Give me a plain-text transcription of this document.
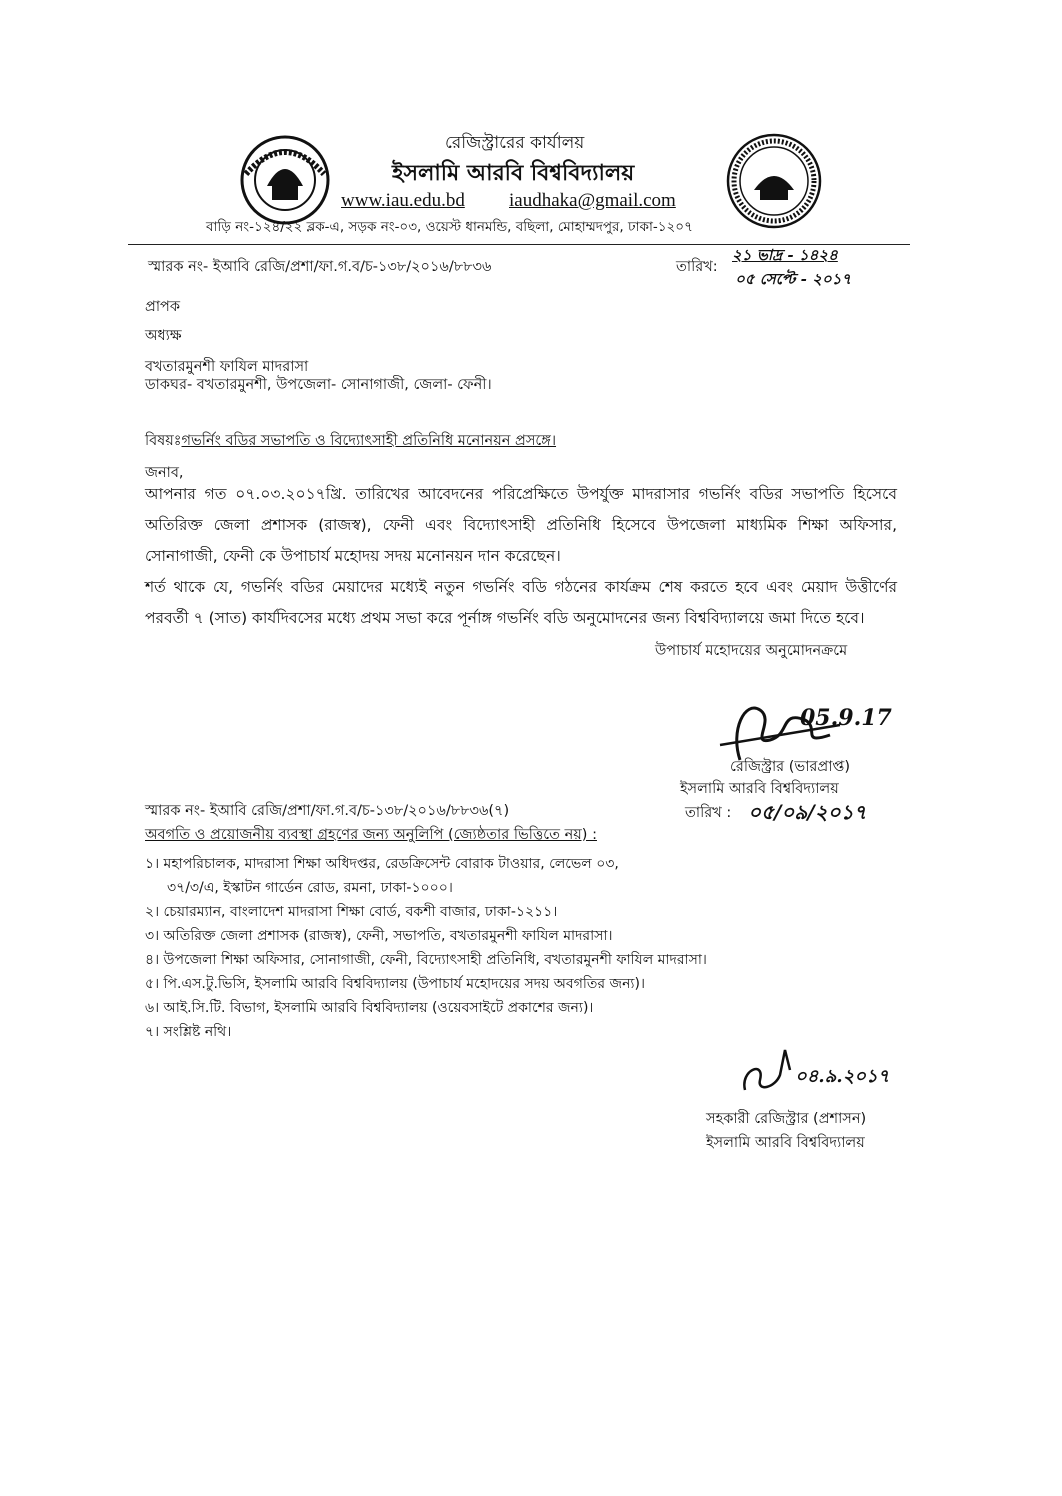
রেজিস্ট্রারের কার্যালয়
ইসলামি আরবি বিশ্ববিদ্যালয়
www.iau.edu.bd iaudhaka@gmail.com
বাড়ি নং-১২৪/২২ ব্লক-এ, সড়ক নং-০৩, ওয়েস্ট ধানমন্ডি, বছিলা, মোহাম্মদপুর, ঢাকা-১২০৭
স্মারক নং- ইআবি রেজি/প্রশা/ফা.গ.ব/চ-১৩৮/২০১৬/৮৮৩৬	তারিখ:
২১ ভাদ্র - ১৪২৪
০৫ সেপ্টে - ২০১৭
প্রাপক
অধ্যক্ষ
বখতারমুনশী ফাযিল মাদরাসা
ডাকঘর- বখতারমুনশী, উপজেলা- সোনাগাজী, জেলা- ফেনী।
বিষয়ঃগভর্নিং বডির সভাপতি ও বিদ্যোৎসাহী প্রতিনিধি মনোনয়ন প্রসঙ্গে।
জনাব,
আপনার গত ০৭.০৩.২০১৭খ্রি. তারিখের আবেদনের পরিপ্রেক্ষিতে উপর্যুক্ত মাদরাসার গভর্নিং বডির সভাপতি হিসেবে অতিরিক্ত জেলা প্রশাসক (রাজস্ব), ফেনী এবং বিদ্যোৎসাহী প্রতিনিধি হিসেবে উপজেলা মাধ্যমিক শিক্ষা অফিসার, সোনাগাজী, ফেনী কে উপাচার্য মহোদয় সদয় মনোনয়ন দান করেছেন।
শর্ত থাকে যে, গভর্নিং বডির মেয়াদের মধ্যেই নতুন গভর্নিং বডি গঠনের কার্যক্রম শেষ করতে হবে এবং মেয়াদ উত্তীর্ণের পরবর্তী ৭ (সাত) কার্যদিবসের মধ্যে প্রথম সভা করে পূর্নাঙ্গ গভর্নিং বডি অনুমোদনের জন্য বিশ্ববিদ্যালয়ে জমা দিতে হবে।
উপাচার্য মহোদয়ের অনুমোদনক্রমে
05.9.17
রেজিস্ট্রার (ভারপ্রাপ্ত)
ইসলামি আরবি বিশ্ববিদ্যালয়
স্মারক নং- ইআবি রেজি/প্রশা/ফা.গ.ব/চ-১৩৮/২০১৬/৮৮৩৬(৭)	তারিখ : ০৫/০৯/২০১৭
অবগতি ও প্রয়োজনীয় ব্যবস্থা গ্রহণের জন্য অনুলিপি (জ্যেষ্ঠতার ভিত্তিতে নয়) :
১। মহাপরিচালক, মাদরাসা শিক্ষা অধিদপ্তর, রেডক্রিসেন্ট বোরাক টাওয়ার, লেভেল ০৩,
৩৭/৩/এ, ইস্কাটন গার্ডেন রোড, রমনা, ঢাকা-১০০০।
২। চেয়ারম্যান, বাংলাদেশ মাদরাসা শিক্ষা বোর্ড, বকশী বাজার, ঢাকা-১২১১।
৩। অতিরিক্ত জেলা প্রশাসক (রাজস্ব), ফেনী, সভাপতি, বখতারমুনশী ফাযিল মাদরাসা।
৪। উপজেলা শিক্ষা অফিসার, সোনাগাজী, ফেনী, বিদ্যোৎসাহী প্রতিনিধি, বখতারমুনশী ফাযিল মাদরাসা।
৫। পি.এস.টু.ভিসি, ইসলামি আরবি বিশ্ববিদ্যালয় (উপাচার্য মহোদয়ের সদয় অবগতির জন্য)।
৬। আই.সি.টি. বিভাগ, ইসলামি আরবি বিশ্ববিদ্যালয় (ওয়েবসাইটে প্রকাশের জন্য)।
৭। সংশ্লিষ্ট নথি।
০৪.৯.২০১৭
সহকারী রেজিস্ট্রার (প্রশাসন)
ইসলামি আরবি বিশ্ববিদ্যালয়
